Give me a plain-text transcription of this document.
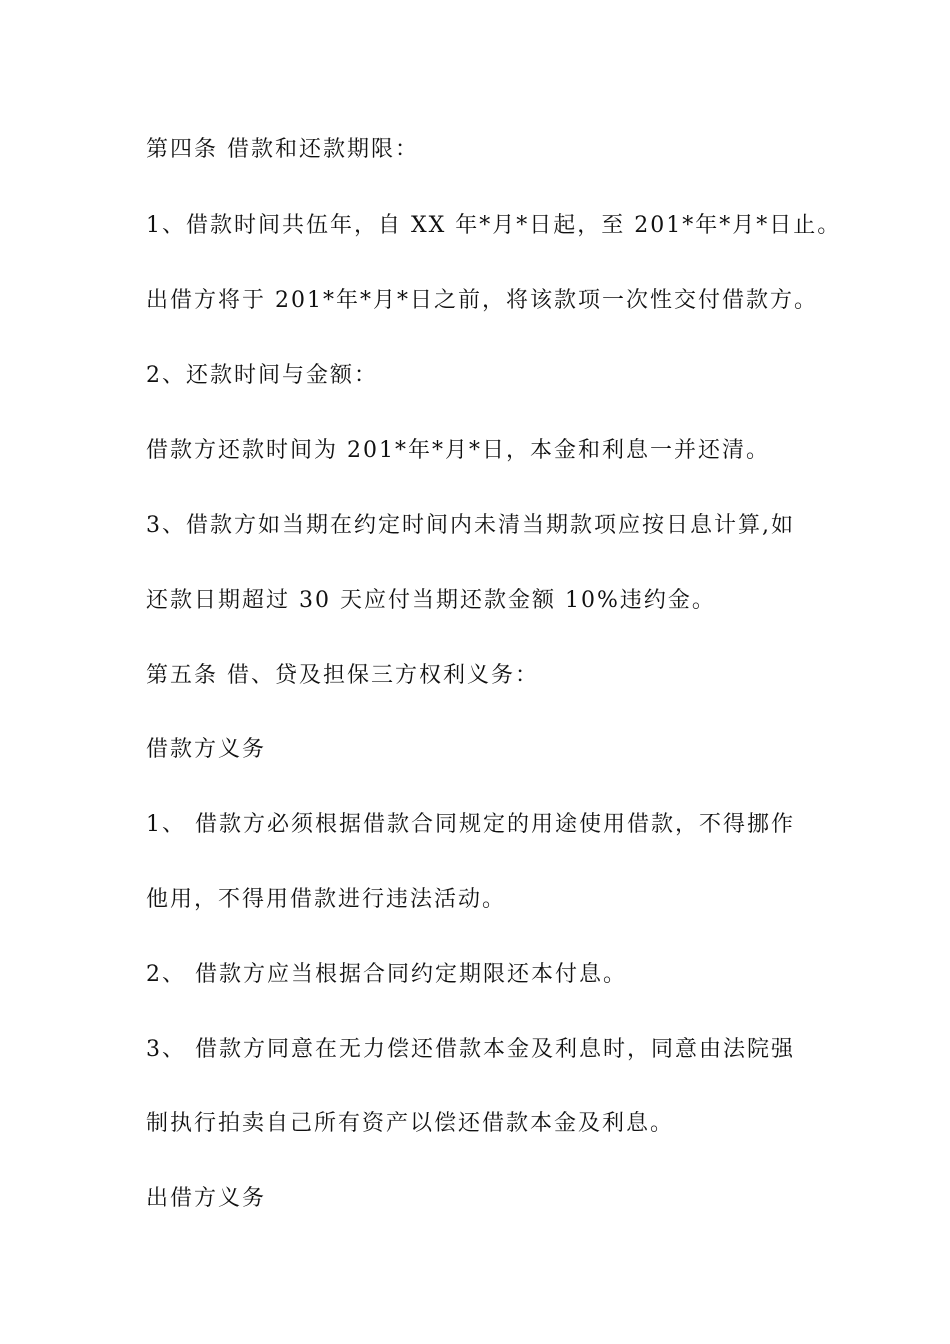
第四条 借款和还款期限：
1、借款时间共伍年，自 XX 年*月*日起，至 201*年*月*日止。
出借方将于 201*年*月*日之前，将该款项一次性交付借款方。
2、还款时间与金额：
借款方还款时间为 201*年*月*日，本金和利息一并还清。
3、借款方如当期在约定时间内未清当期款项应按日息计算,如
还款日期超过 30 天应付当期还款金额 10%违约金。
第五条 借、贷及担保三方权利义务：
借款方义务
1、 借款方必须根据借款合同规定的用途使用借款，不得挪作
他用，不得用借款进行违法活动。
2、 借款方应当根据合同约定期限还本付息。
3、 借款方同意在无力偿还借款本金及利息时，同意由法院强
制执行拍卖自己所有资产以偿还借款本金及利息。
出借方义务
